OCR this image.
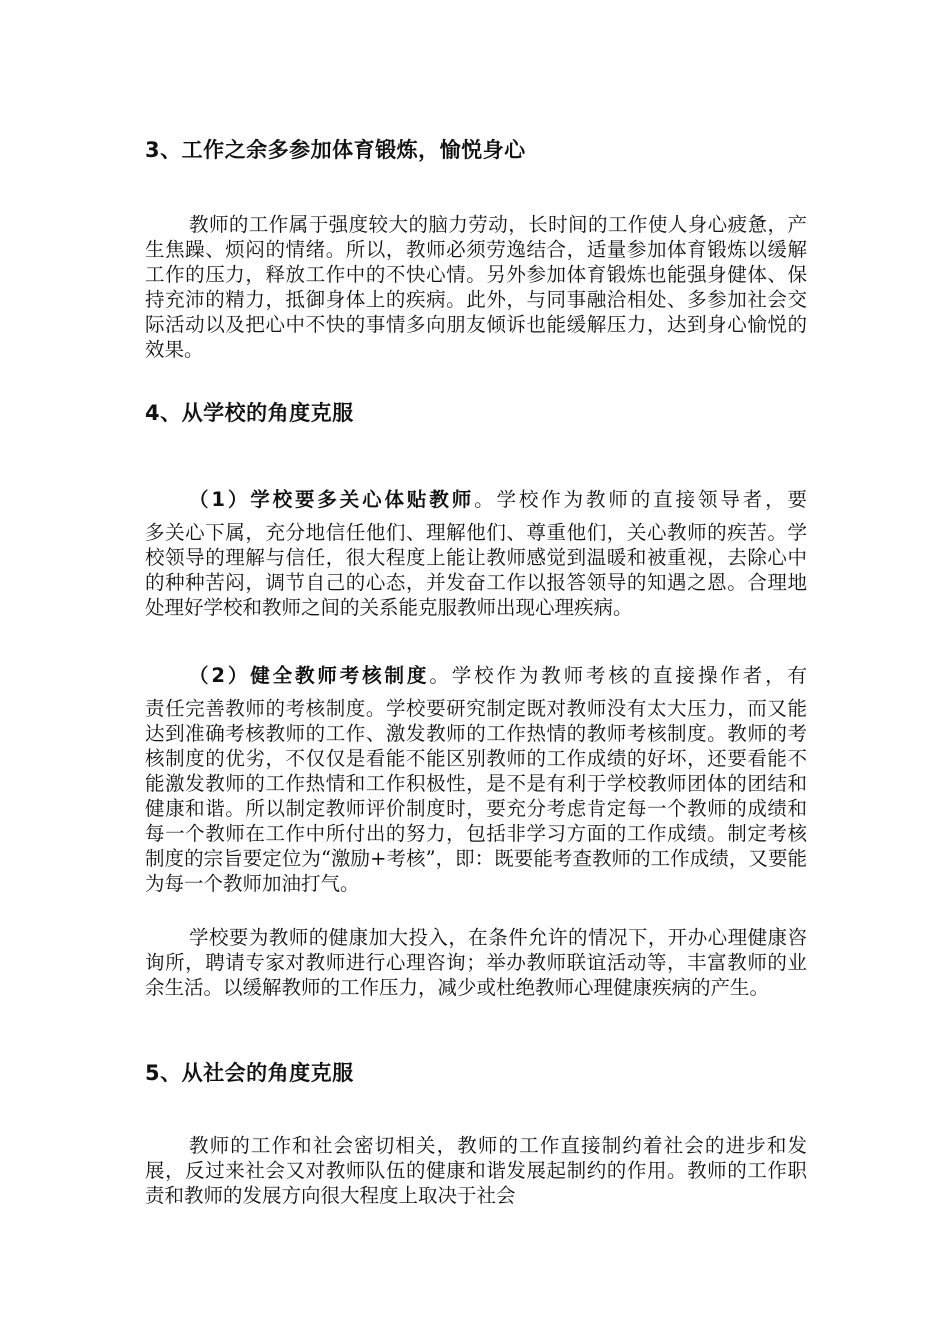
3、工作之余多参加体育锻炼，愉悦身心

教师的工作属于强度较大的脑力劳动，长时间的工作使人身心疲惫，产生焦躁、烦闷的情绪。所以，教师必须劳逸结合，适量参加体育锻炼以缓解工作的压力，释放工作中的不快心情。另外参加体育锻炼也能强身健体、保持充沛的精力，抵御身体上的疾病。此外，与同事融洽相处、多参加社会交际活动以及把心中不快的事情多向朋友倾诉也能缓解压力，达到身心愉悦的效果。

4、从学校的角度克服
（1）学校要多关心体贴教师。学校作为教师的直接领导者，要
多关心下属，充分地信任他们、理解他们、尊重他们，关心教师的疾苦。学校领导的理解与信任，很大程度上能让教师感觉到温暖和被重视，去除心中的种种苦闷，调节自己的心态，并发奋工作以报答领导的知遇之恩。合理地处理好学校和教师之间的关系能克服教师出现心理疾病。
（2）健全教师考核制度。学校作为教师考核的直接操作者，有
责任完善教师的考核制度。学校要研究制定既对教师没有太大压力，而又能达到准确考核教师的工作、激发教师的工作热情的教师考核制度。教师的考核制度的优劣，不仅仅是看能不能区别教师的工作成绩的好坏，还要看能不能激发教师的工作热情和工作积极性，是不是有利于学校教师团体的团结和健康和谐。所以制定教师评价制度时，要充分考虑肯定每一个教师的成绩和每一个教师在工作中所付出的努力，包括非学习方面的工作成绩。制定考核制度的宗旨要定位为“激励+考核”，即：既要能考查教师的工作成绩，又要能为每一个教师加油打气。

学校要为教师的健康加大投入，在条件允许的情况下，开办心理健康咨询所，聘请专家对教师进行心理咨询；举办教师联谊活动等，丰富教师的业余生活。以缓解教师的工作压力，减少或杜绝教师心理健康疾病的产生。

5、从社会的角度克服

教师的工作和社会密切相关，教师的工作直接制约着社会的进步和发展，反过来社会又对教师队伍的健康和谐发展起制约的作用。教师的工作职责和教师的发展方向很大程度上取决于社会
